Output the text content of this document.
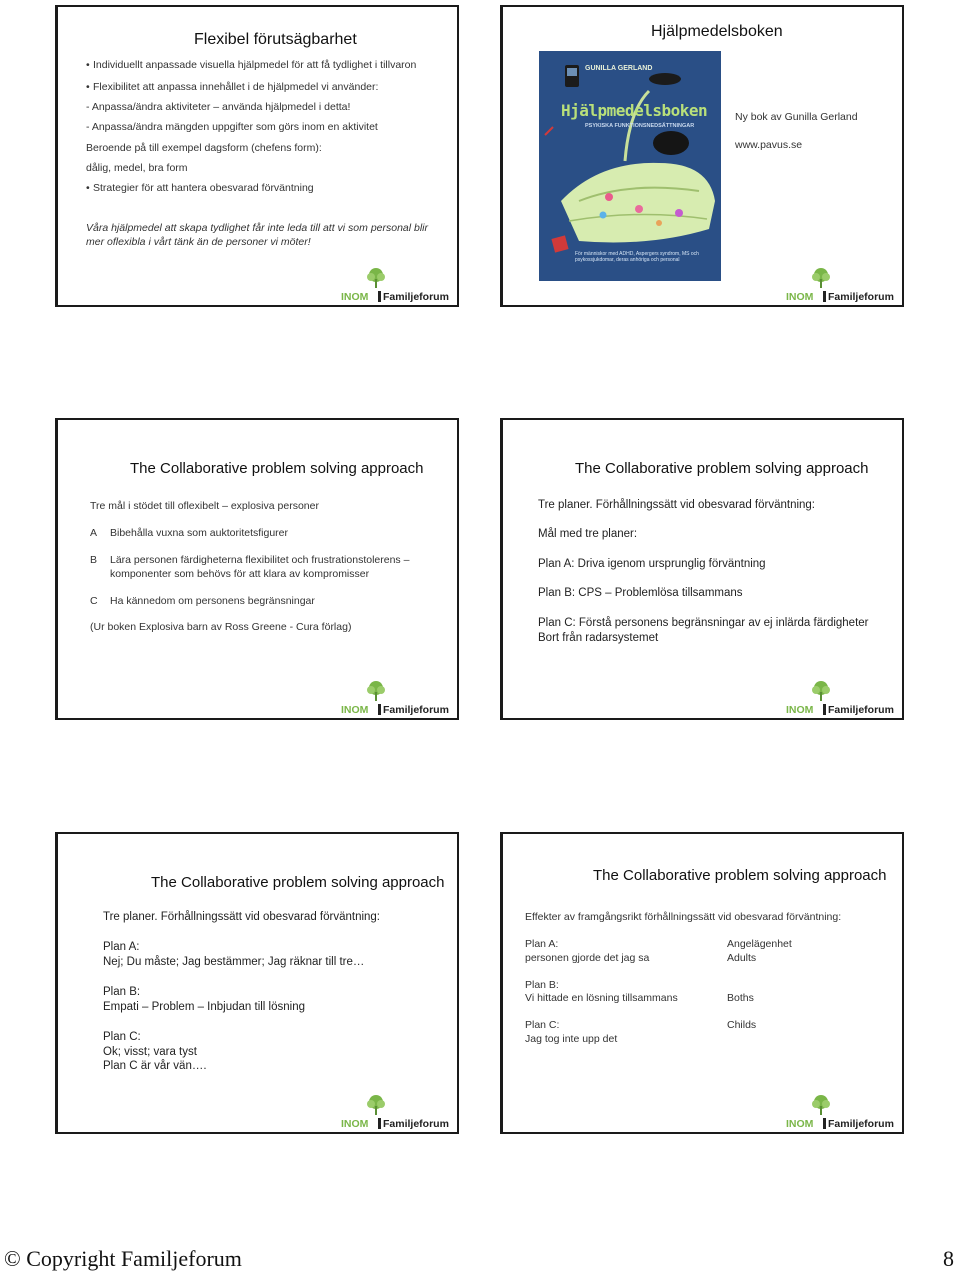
Flexibel förutsägbarhet
• Individuellt anpassade visuella hjälpmedel för att få tydlighet i tillvaron
• Flexibilitet att anpassa innehållet i de hjälpmedel vi använder:
- Anpassa/ändra aktiviteter – använda hjälpmedel i detta!
- Anpassa/ändra mängden uppgifter som görs inom en aktivitet
Beroende på till exempel dagsform (chefens form):
dålig, medel, bra form
• Strategier för att hantera obesvarad förväntning
Våra hjälpmedel att skapa tydlighet får inte leda till att vi som personal blir
mer oflexibla i vårt tänk än de personer vi möter!
INOM Familjeforum
Hjälpmedelsboken
GUNILLA GERLAND
Hjälpmedelsboken
PSYKISKA FUNKTIONSNEDSÄTTNINGAR
För människor med ADHD, Aspergers syndrom, MS och psykossjukdomar, deras anhöriga och personal
Ny bok av Gunilla Gerland
www.pavus.se
INOM Familjeforum
The Collaborative problem solving approach
Tre mål i stödet till oflexibelt – explosiva personer
A Bibehålla vuxna som auktoritetsfigurer
B Lära personen färdigheterna flexibilitet och frustrationstolerens –
komponenter som behövs för att klara av kompromisser
C Ha kännedom om personens begränsningar
(Ur boken Explosiva barn av Ross Greene - Cura förlag)
INOM Familjeforum
The Collaborative problem solving approach
Tre planer. Förhållningssätt vid obesvarad förväntning:
Mål med tre planer:
Plan A: Driva igenom ursprunglig förväntning
Plan B: CPS – Problemlösa tillsammans
Plan C: Förstå personens begränsningar av ej inlärda färdigheter
Bort från radarsystemet
INOM Familjeforum
The Collaborative problem solving approach
Tre planer. Förhållningssätt vid obesvarad förväntning:
Plan A:
Nej; Du måste; Jag bestämmer; Jag räknar till tre…
Plan B:
Empati – Problem – Inbjudan till lösning
Plan C:
Ok; visst; vara tyst
Plan C är vår vän….
INOM Familjeforum
The Collaborative problem solving approach
Effekter av framgångsrikt förhållningssätt vid obesvarad förväntning:
Plan A:
personen gjorde det jag sa
Plan B:
Vi hittade en lösning tillsammans
Plan C:
Jag tog inte upp det
Angelägenhet
Adults
Boths
Childs
INOM Familjeforum
© Copyright Familjeforum	8
